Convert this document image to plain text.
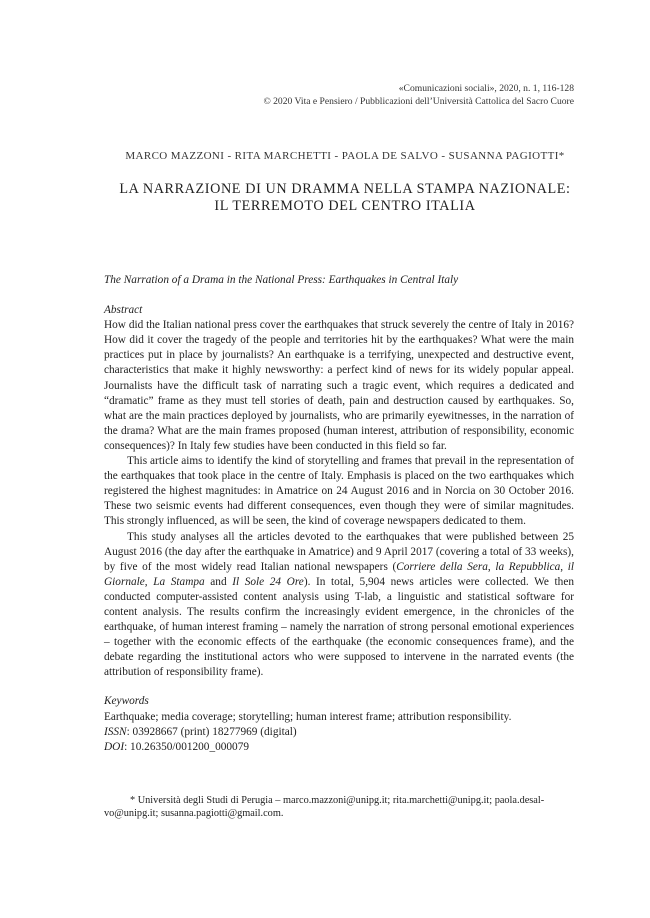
«Comunicazioni sociali», 2020, n. 1, 116-128
© 2020 Vita e Pensiero / Pubblicazioni dell’Università Cattolica del Sacro Cuore
MARCO MAZZONI - RITA MARCHETTI - PAOLA DE SALVO - SUSANNA PAGIOTTI*
LA NARRAZIONE DI UN DRAMMA NELLA STAMPA NAZIONALE:
IL TERREMOTO DEL CENTRO ITALIA
The Narration of a Drama in the National Press: Earthquakes in Central Italy
Abstract

How did the Italian national press cover the earthquakes that struck severely the centre of Italy in 2016? How did it cover the tragedy of the people and territories hit by the earthquakes? What were the main practices put in place by journalists? An earthquake is a terrifying, unexpected and destructive event, characteristics that make it highly newsworthy: a perfect kind of news for its widely popular appeal. Journalists have the difficult task of narrating such a tragic event, which requires a dedicated and “dramatic” frame as they must tell stories of death, pain and destruction caused by earthquakes. So, what are the main practices deployed by journalists, who are primarily eyewitnesses, in the narration of the drama? What are the main frames proposed (human interest, attribution of responsibility, economic consequences)? In Italy few studies have been conducted in this field so far.

This article aims to identify the kind of storytelling and frames that prevail in the representation of the earthquakes that took place in the centre of Italy. Emphasis is placed on the two earthquakes which registered the highest magnitudes: in Amatrice on 24 August 2016 and in Norcia on 30 October 2016. These two seismic events had different consequences, even though they were of similar magnitudes. This strongly influenced, as will be seen, the kind of coverage newspapers dedicated to them.

This study analyses all the articles devoted to the earthquakes that were published between 25 August 2016 (the day after the earthquake in Amatrice) and 9 April 2017 (covering a total of 33 weeks), by five of the most widely read Italian national newspapers (Corriere della Sera, la Repubblica, il Giornale, La Stampa and Il Sole 24 Ore). In total, 5,904 news articles were collected. We then conducted computer-assisted content analysis using T-lab, a linguistic and statistical software for content analysis. The results confirm the increasingly evident emergence, in the chronicles of the earthquake, of human interest framing – namely the narration of strong personal emotional experiences – together with the economic effects of the earthquake (the economic consequences frame), and the debate regarding the institutional actors who were supposed to intervene in the narrated events (the attribution of responsibility frame).

Keywords
Earthquake; media coverage; storytelling; human interest frame; attribution responsibility.
ISSN: 03928667 (print) 18277969 (digital)
DOI: 10.26350/001200_000079
* Università degli Studi di Perugia – marco.mazzoni@unipg.it; rita.marchetti@unipg.it; paola.desal-
vo@unipg.it; susanna.pagiotti@gmail.com.
